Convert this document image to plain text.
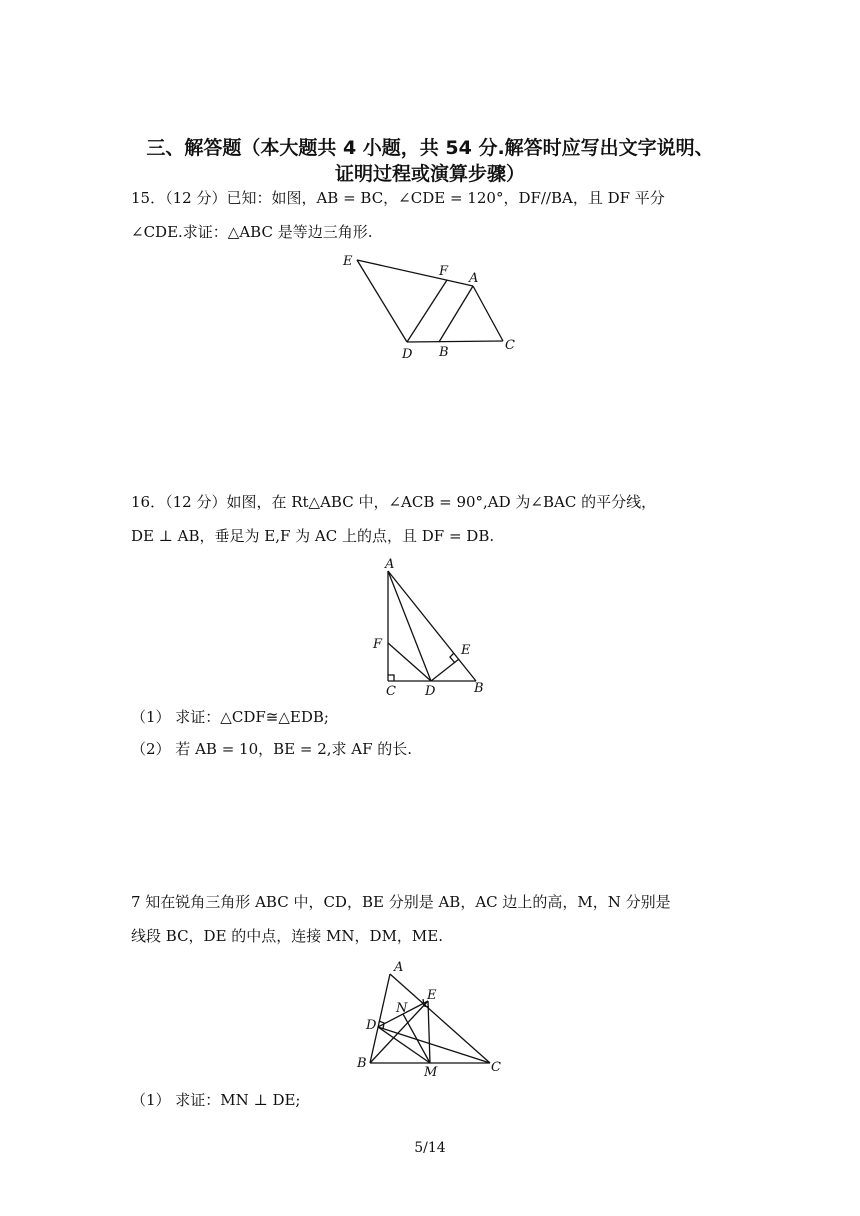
三、解答题（本大题共 4 小题，共 54 分.解答时应写出文字说明、
证明过程或演算步骤）
15．（12 分）已知：如图，AB = BC，∠CDE = 120°，DF//BA，且 DF 平分
∠CDE.求证：△ABC 是等边三角形.
E
F A
D B	C
16．（12 分）如图，在 Rt△ABC 中，∠ACB = 90°,AD 为∠BAC 的平分线，
DE ⊥ AB，垂足为 E,F 为 AC 上的点，且 DF = DB.
A
F	E
C D	B
（1） 求证：△CDF≅△EDB;
（2） 若 AB = 10，BE = 2,求 AF 的长.
7 知在锐角三角形 ABC 中，CD，BE 分别是 AB，AC 边上的高，M，N 分别是
线段 BC，DE 的中点，连接 MN，DM，ME.
A
E
N
D
B
M	C
（1） 求证：MN ⊥ DE;
5/14
